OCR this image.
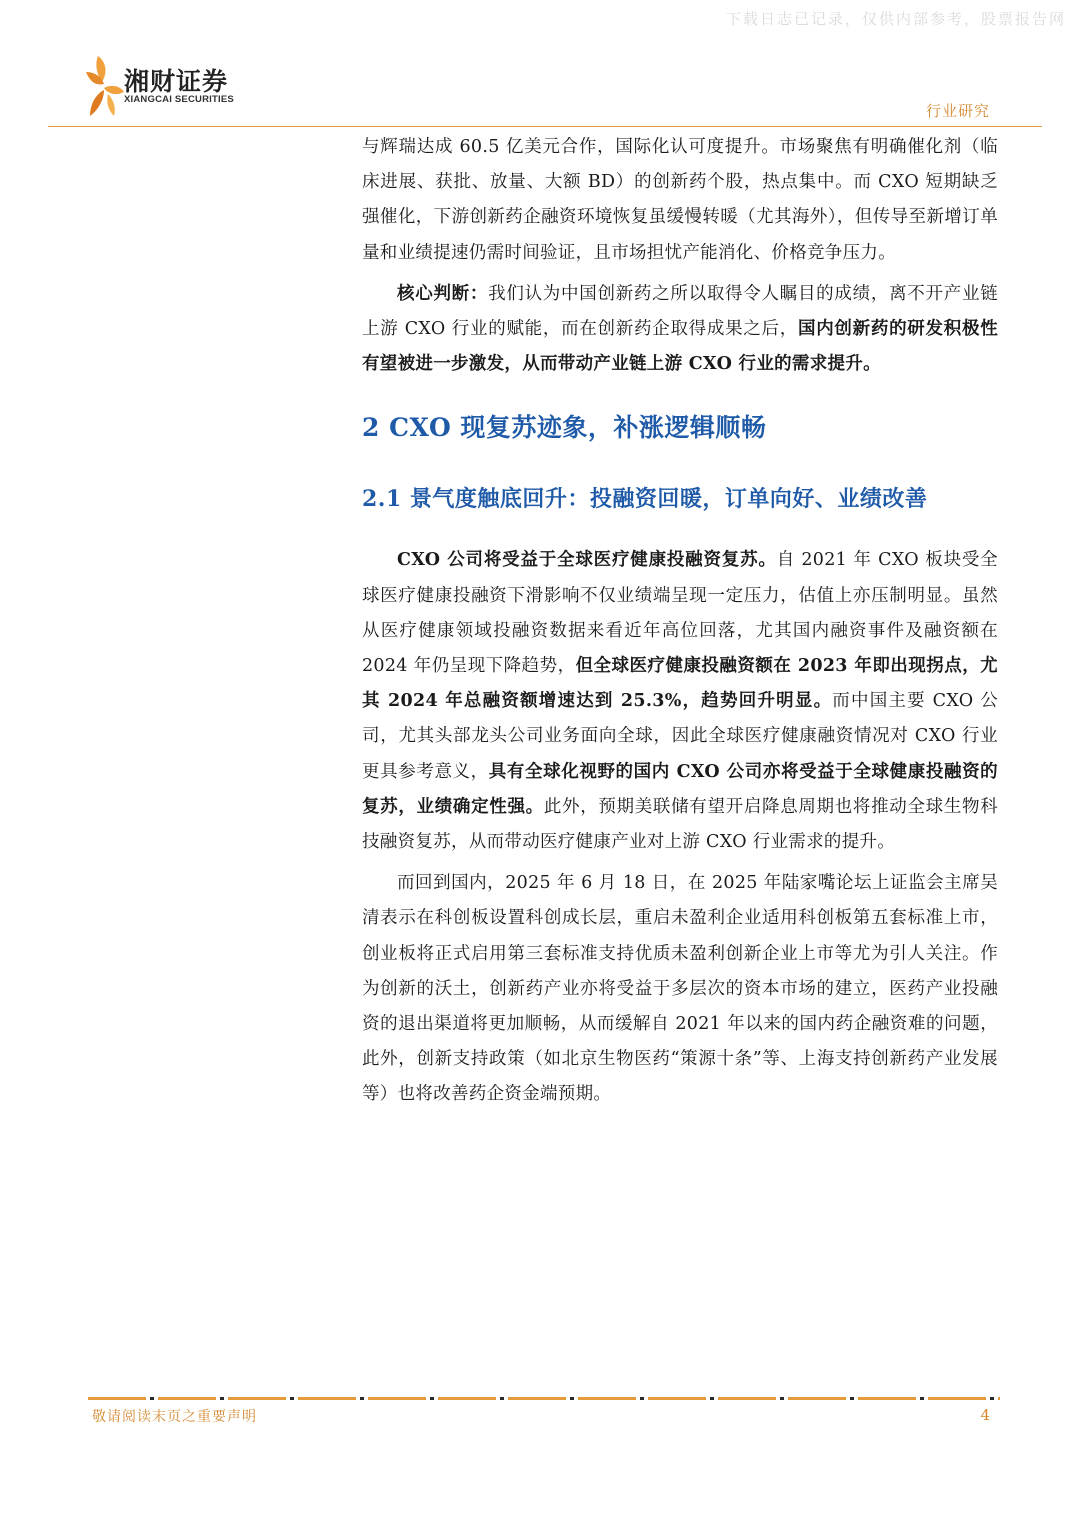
下载日志已记录，仅供内部参考，股票报告网
湘财证券
XIANGCAI SECURITIES
行业研究

与辉瑞达成 60.5 亿美元合作，国际化认可度提升。市场聚焦有明确催化剂（临床进展、获批、放量、大额 BD）的创新药个股，热点集中。而 CXO 短期缺乏强催化，下游创新药企融资环境恢复虽缓慢转暖（尤其海外），但传导至新增订单量和业绩提速仍需时间验证，且市场担忧产能消化、价格竞争压力。

核心判断：我们认为中国创新药之所以取得令人瞩目的成绩，离不开产业链上游 CXO 行业的赋能，而在创新药企取得成果之后，国内创新药的研发积极性有望被进一步激发，从而带动产业链上游 CXO 行业的需求提升。

2 CXO 现复苏迹象，补涨逻辑顺畅
2.1 景气度触底回升：投融资回暖，订单向好、业绩改善

CXO 公司将受益于全球医疗健康投融资复苏。自 2021 年 CXO 板块受全球医疗健康投融资下滑影响不仅业绩端呈现一定压力，估值上亦压制明显。虽然从医疗健康领域投融资数据来看近年高位回落，尤其国内融资事件及融资额在 2024 年仍呈现下降趋势，但全球医疗健康投融资额在 2023 年即出现拐点，尤其 2024 年总融资额增速达到 25.3%，趋势回升明显。而中国主要 CXO 公司，尤其头部龙头公司业务面向全球，因此全球医疗健康融资情况对 CXO 行业更具参考意义，具有全球化视野的国内 CXO 公司亦将受益于全球健康投融资的复苏，业绩确定性强。此外，预期美联储有望开启降息周期也将推动全球生物科技融资复苏，从而带动医疗健康产业对上游 CXO 行业需求的提升。

而回到国内，2025 年 6 月 18 日，在 2025 年陆家嘴论坛上证监会主席吴清表示在科创板设置科创成长层，重启未盈利企业适用科创板第五套标准上市，创业板将正式启用第三套标准支持优质未盈利创新企业上市等尤为引人关注。作为创新的沃土，创新药产业亦将受益于多层次的资本市场的建立，医药产业投融资的退出渠道将更加顺畅，从而缓解自 2021 年以来的国内药企融资难的问题，此外，创新支持政策（如北京生物医药“策源十条”等、上海支持创新药产业发展等）也将改善药企资金端预期。

敬请阅读末页之重要声明	4
